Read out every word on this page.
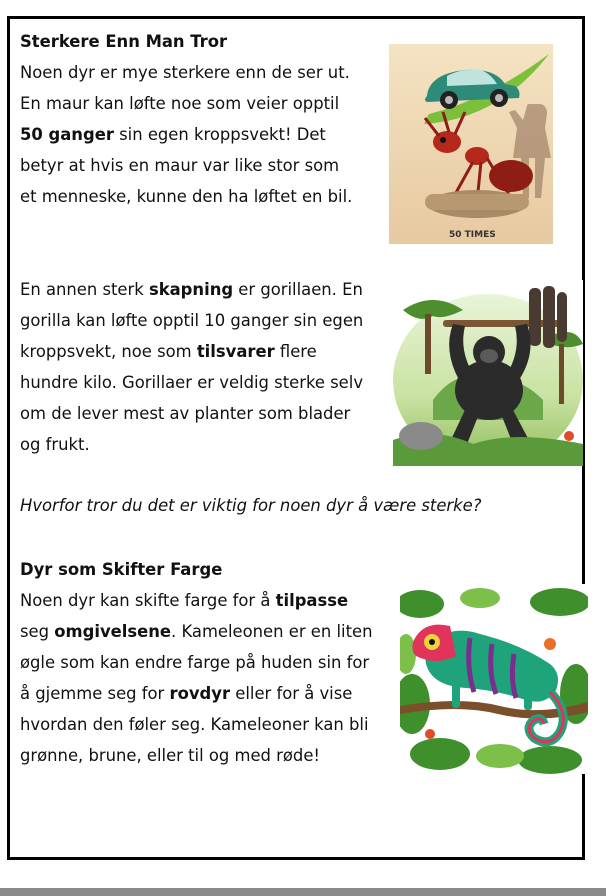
Sterkere Enn Man Tror
Noen dyr er mye sterkere enn de ser ut.
En maur kan løfte noe som veier opptil
50 ganger sin egen kroppsvekt! Det
betyr at hvis en maur var like stor som
et menneske, kunne den ha løftet en bil.
50 TIMES
En annen sterk skapning er gorillaen. En
gorilla kan løfte opptil 10 ganger sin egen
kroppsvekt, noe som tilsvarer flere
hundre kilo. Gorillaer er veldig sterke selv
om de lever mest av planter som blader
og frukt.
Hvorfor tror du det er viktig for noen dyr å være sterke?
Dyr som Skifter Farge
Noen dyr kan skifte farge for å tilpasse
seg omgivelsene. Kameleonen er en liten
øgle som kan endre farge på huden sin for
å gjemme seg for rovdyr eller for å vise
hvordan den føler seg. Kameleoner kan bli
grønne, brune, eller til og med røde!
